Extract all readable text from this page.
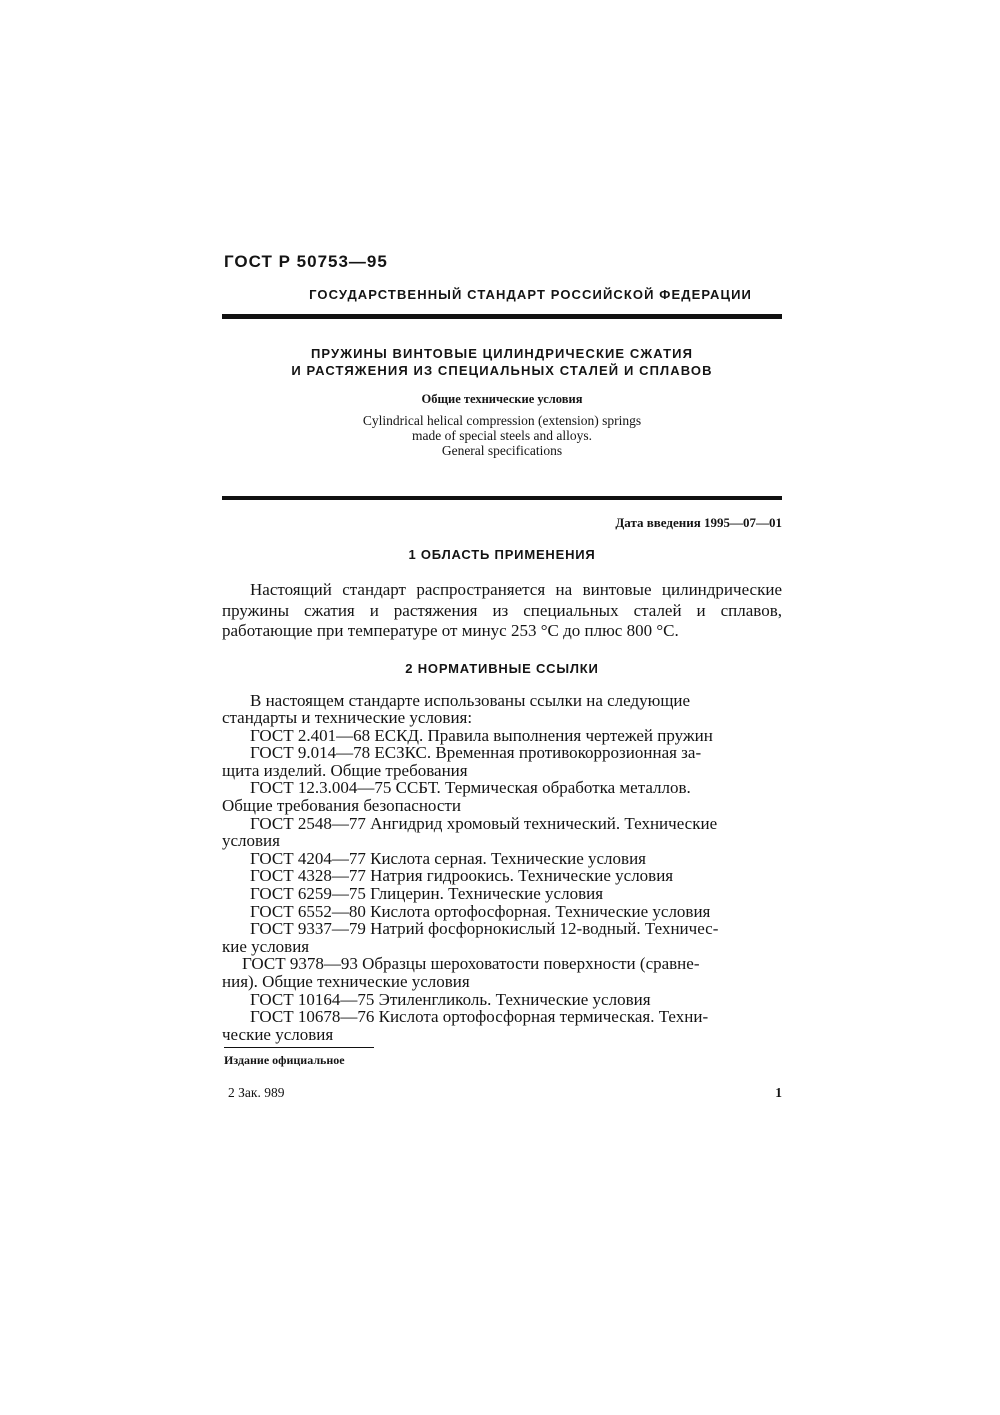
ГОСТ Р 50753—95
ГОСУДАРСТВЕННЫЙ СТАНДАРТ РОССИЙСКОЙ ФЕДЕРАЦИИ
ПРУЖИНЫ ВИНТОВЫЕ ЦИЛИНДРИЧЕСКИЕ СЖАТИЯ
И РАСТЯЖЕНИЯ ИЗ СПЕЦИАЛЬНЫХ СТАЛЕЙ И СПЛАВОВ
Общие технические условия
Cylindrical helical compression (extension) springs
made of special steels and alloys.
General specifications
Дата введения 1995—07—01
1 ОБЛАСТЬ ПРИМЕНЕНИЯ
Настоящий стандарт распространяется на винтовые цилиндрические пружины сжатия и растяжения из специальных сталей и сплавов, работающие при температуре от минус 253 °С до плюс 800 °С.
2 НОРМАТИВНЫЕ ССЫЛКИ
В настоящем стандарте использованы ссылки на следующие
стандарты и технические условия:
ГОСТ 2.401—68 ЕСКД. Правила выполнения чертежей пружин
ГОСТ 9.014—78 ЕСЗКС. Временная противокоррозионная за-
щита изделий. Общие требования
ГОСТ 12.3.004—75 ССБТ. Термическая обработка металлов.
Общие требования безопасности
ГОСТ 2548—77 Ангидрид хромовый технический. Технические
условия
ГОСТ 4204—77 Кислота серная. Технические условия
ГОСТ 4328—77 Натрия гидроокись. Технические условия
ГОСТ 6259—75 Глицерин. Технические условия
ГОСТ 6552—80 Кислота ортофосфорная. Технические условия
ГОСТ 9337—79 Натрий фосфорнокислый 12-водный. Техничес-
кие условия
ГОСТ 9378—93 Образцы шероховатости поверхности (сравне-
ния). Общие технические условия
ГОСТ 10164—75 Этиленгликоль. Технические условия
ГОСТ 10678—76 Кислота ортофосфорная термическая. Техни-
ческие условия
Издание официальное
2 Зак. 989	1
